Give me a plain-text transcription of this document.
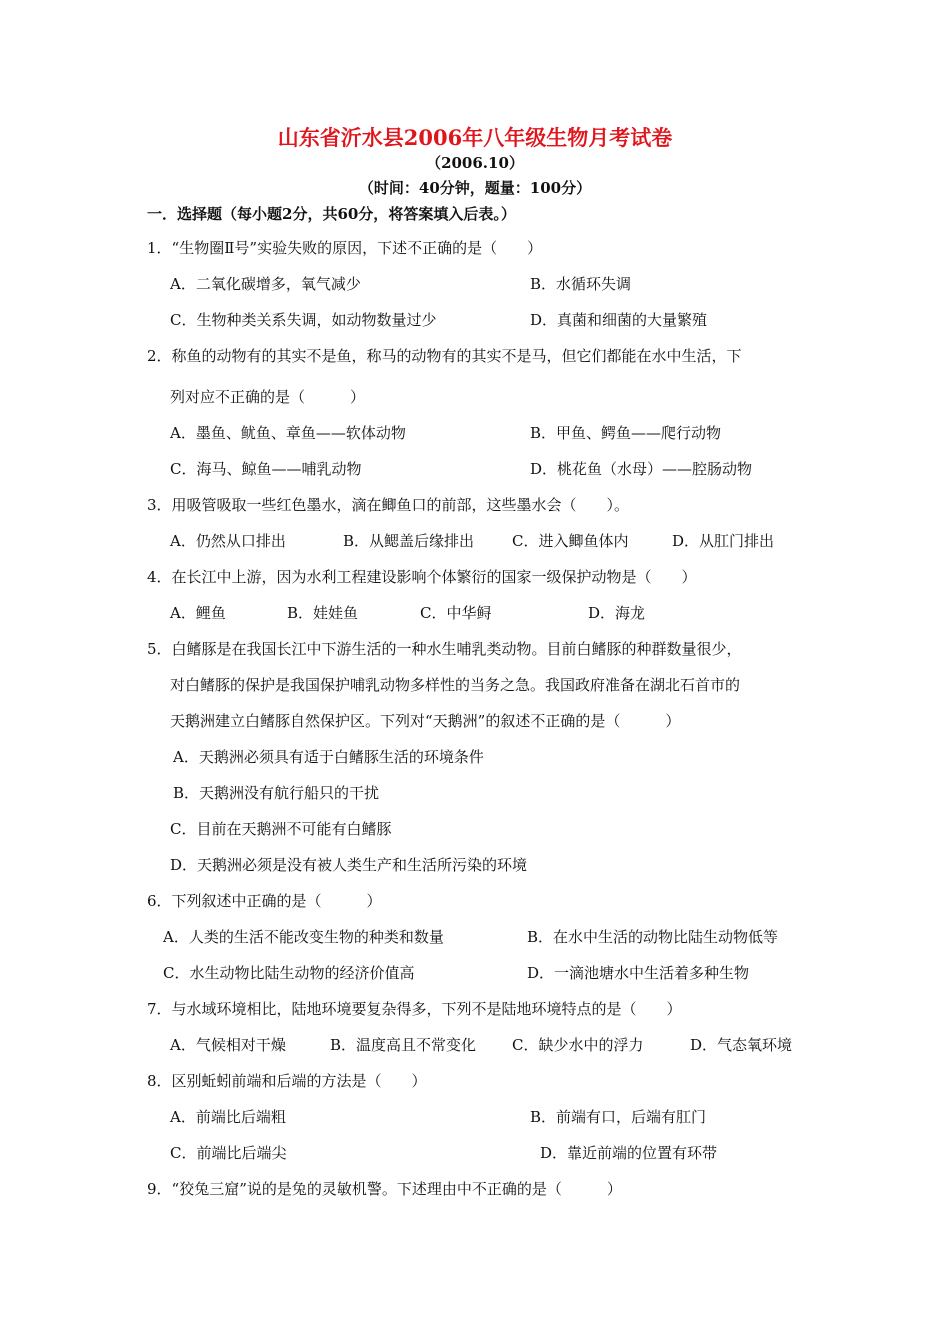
山东省沂水县2006年八年级生物月考试卷
（2006.10）
（时间：40分钟，题量：100分）
一．选择题（每小题2分，共60分，将答案填入后表。）
1．“生物圈Ⅱ号”实验失败的原因，下述不正确的是（　　）
A．二氧化碳增多，氧气减少	B．水循环失调
C．生物种类关系失调，如动物数量过少	D．真菌和细菌的大量繁殖
2．称鱼的动物有的其实不是鱼，称马的动物有的其实不是马，但它们都能在水中生活，下
列对应不正确的是（　　　）
A．墨鱼、鱿鱼、章鱼——软体动物	B．甲鱼、鳄鱼——爬行动物
C．海马、鲸鱼——哺乳动物	D．桃花鱼（水母）——腔肠动物
3．用吸管吸取一些红色墨水，滴在鲫鱼口的前部，这些墨水会（　　）。
A．仍然从口排出	B．从鳃盖后缘排出	C．进入鲫鱼体内	D．从肛门排出
4．在长江中上游，因为水利工程建设影响个体繁衍的国家一级保护动物是（　　）
A．鲤鱼	B．娃娃鱼	C．中华鲟	D．海龙
5．白鳍豚是在我国长江中下游生活的一种水生哺乳类动物。目前白鳍豚的种群数量很少，
对白鳍豚的保护是我国保护哺乳动物多样性的当务之急。我国政府准备在湖北石首市的
天鹅洲建立白鳍豚自然保护区。下列对“天鹅洲”的叙述不正确的是（　　　）
A．天鹅洲必须具有适于白鳍豚生活的环境条件
B．天鹅洲没有航行船只的干扰
C．目前在天鹅洲不可能有白鳍豚
D．天鹅洲必须是没有被人类生产和生活所污染的环境
6．下列叙述中正确的是（　　　）
A．人类的生活不能改变生物的种类和数量	B．在水中生活的动物比陆生动物低等
C．水生动物比陆生动物的经济价值高	D．一滴池塘水中生活着多种生物
7．与水域环境相比，陆地环境要复杂得多，下列不是陆地环境特点的是（　　）
A．气候相对干燥	B．温度高且不常变化 C．缺少水中的浮力	D．气态氧环境
8．区别蚯蚓前端和后端的方法是（　　）
A．前端比后端粗	B．前端有口，后端有肛门
C．前端比后端尖	D．靠近前端的位置有环带
9．“狡兔三窟”说的是兔的灵敏机警。下述理由中不正确的是（　　　）
